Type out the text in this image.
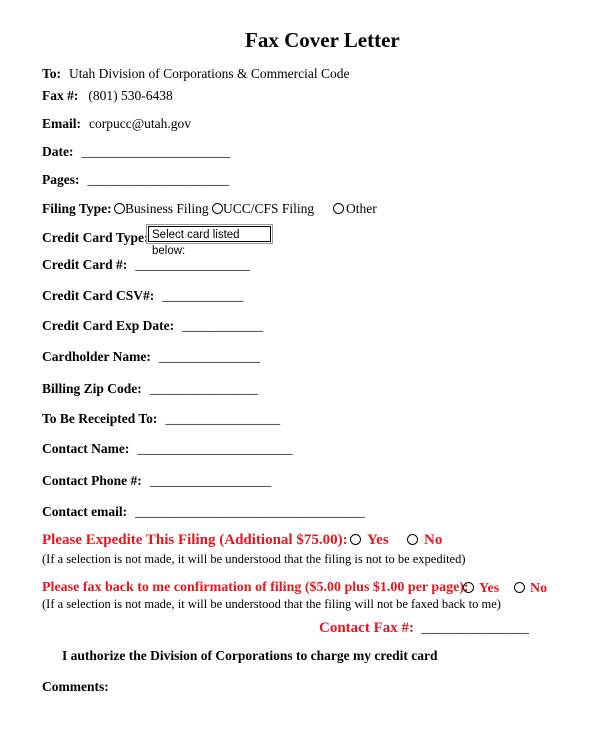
Fax Cover Letter
To: Utah Division of Corporations & Commercial Code
Fax #: (801) 530-6438
Email: corpucc@utah.gov
Date: ______________________
Pages: _____________________
Filing Type: Business Filing	UCC/CFS Filing	Other
Credit Card Type: Select card listed below:
Credit Card #: _________________
Credit Card CSV#: ____________
Credit Card Exp Date: ____________
Cardholder Name: _______________
Billing Zip Code: ________________
To Be Receipted To: _________________
Contact Name: _______________________
Contact Phone #: __________________
Contact email: __________________________________
Please Expedite This Filing (Additional $75.00):	Yes	No
(If a selection is not made, it will be understood that the filing is not to be expedited)
Please fax back to me confirmation of filing ($5.00 plus $1.00 per page): Yes	No
(If a selection is not made, it will be understood that the filing will not be faxed back to me)
Contact Fax #: ________________
I authorize the Division of Corporations to charge my credit card
Comments:
